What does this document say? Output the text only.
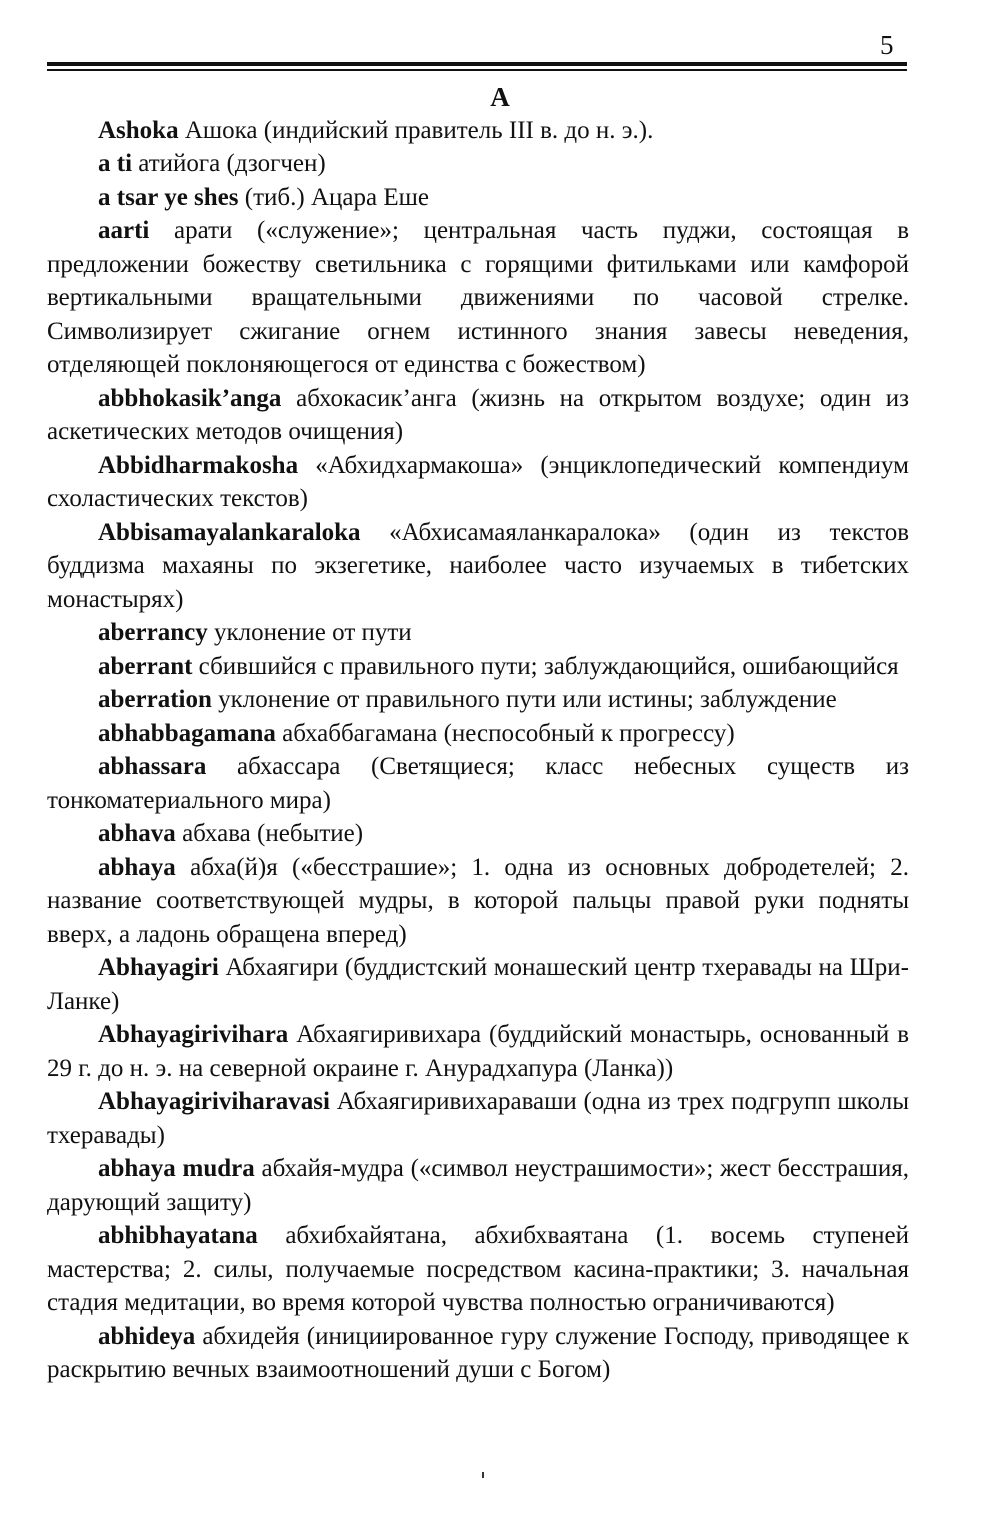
5
A

Ashoka Ашока (индийский правитель III в. до н. э.).

a ti атийога (дзогчен)

a tsar ye shes (тиб.) Ацара Еше

aarti арати («служение»; центральная часть пуджи, состоящая в предложении божеству светильника с горящими фитильками или камфорой вертикальными вращательными движениями по часовой стрелке. Символизирует сжигание огнем истинного знания завесы неведения, отделяющей поклоняющегося от единства с божеством)

abbhokasik’anga абхокасик’анга (жизнь на открытом воздухе; один из аскетических методов очищения)

Abbidharmakosha «Абхидхармакоша» (энциклопедический компендиум схоластических текстов)

Abbisamayalankaraloka «Абхисамаяланкаралока» (один из текстов буддизма махаяны по экзегетике, наиболее часто изучаемых в тибетских монастырях)

aberrancy уклонение от пути

aberrant сбившийся с правильного пути; заблуждающийся, ошибающийся

aberration уклонение от правильного пути или истины; заблуждение

abhabbagamana абхаббагамана (неспособный к прогрессу)

abhassara абхассара (Светящиеся; класс небесных существ из тонкоматериального мира)

abhava абхава (небытие)

abhaya абха(й)я («бесстрашие»; 1. одна из основных добродетелей; 2. название соответствующей мудры, в которой пальцы правой руки подняты вверх, а ладонь обращена вперед)

Abhayagiri Абхаягири (буддистский монашеский центр тхеравады на Шри-Ланке)

Abhayagirivihara Абхаягиривихара (буддийский монастырь, основанный в 29 г. до н. э. на северной окраине г. Анурадхапура (Ланка))

Abhayagiriviharavasi Абхаягиривихараваши (одна из трех подгрупп школы тхеравады)

abhaya mudra абхайя-мудра («символ неустрашимости»; жест бесстрашия, дарующий защиту)

abhibhayatana абхибхайятана, абхибхваятана (1. восемь ступеней мастерства; 2. силы, получаемые посредством касина-практики; 3. начальная стадия медитации, во время которой чувства полностью ограничиваются)

abhideya абхидейя (инициированное гуру служение Господу, приводящее к раскрытию вечных взаимоотношений души с Богом)
